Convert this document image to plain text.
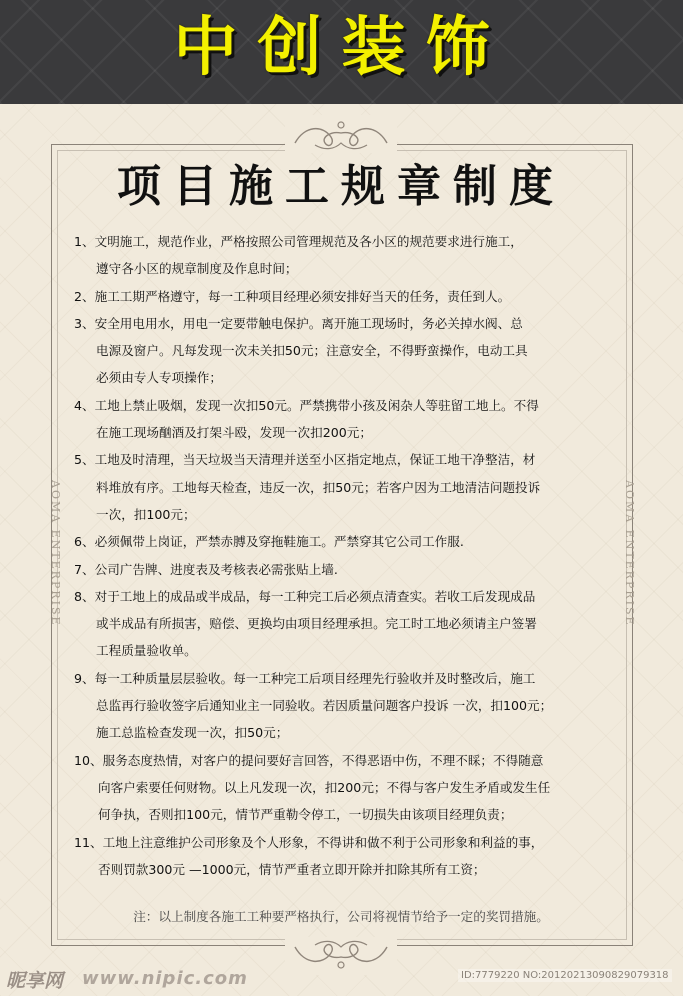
中创装饰
AOMA ENTERPRISE	AOMA ENTERPRISE
项目施工规章制度
1、文明施工，规范作业，严格按照公司管理规范及各小区的规范要求进行施工，
遵守各小区的规章制度及作息时间；
2、施工工期严格遵守，每一工种项目经理必须安排好当天的任务，责任到人。
3、安全用电用水，用电一定要带触电保护。离开施工现场时，务必关掉水阀、总
电源及窗户。凡每发现一次未关扣50元；注意安全，不得野蛮操作，电动工具
必须由专人专项操作；
4、工地上禁止吸烟，发现一次扣50元。严禁携带小孩及闲杂人等驻留工地上。不得
在施工现场酗酒及打架斗殴，发现一次扣200元；
5、工地及时清理，当天垃圾当天清理并送至小区指定地点，保证工地干净整洁，材
料堆放有序。工地每天检查，违反一次，扣50元；若客户因为工地清洁问题投诉
一次，扣100元；
6、必须佩带上岗证，严禁赤膊及穿拖鞋施工。严禁穿其它公司工作服.
7、公司广告牌、进度表及考核表必需张贴上墙.
8、对于工地上的成品或半成品，每一工种完工后必须点清查实。若收工后发现成品
或半成品有所损害，赔偿、更换均由项目经理承担。完工时工地必须请主户签署
工程质量验收单。
9、每一工种质量层层验收。每一工种完工后项目经理先行验收并及时整改后，施工
总监再行验收签字后通知业主一同验收。若因质量问题客户投诉 一次，扣100元；
施工总监检查发现一次，扣50元；
10、服务态度热情，对客户的提问要好言回答，不得恶语中伤，不理不睬；不得随意
向客户索要任何财物。以上凡发现一次，扣200元；不得与客户发生矛盾或发生任
何争执，否则扣100元，情节严重勒令停工，一切损失由该项目经理负责；
11、工地上注意维护公司形象及个人形象，不得讲和做不利于公司形象和利益的事，
否则罚款300元 —1000元，情节严重者立即开除并扣除其所有工资；
注：以上制度各施工工种要严格执行，公司将视情节给予一定的奖罚措施。
昵享网 www.nipic.com	ID:7779220 NO:20120213090829079318
